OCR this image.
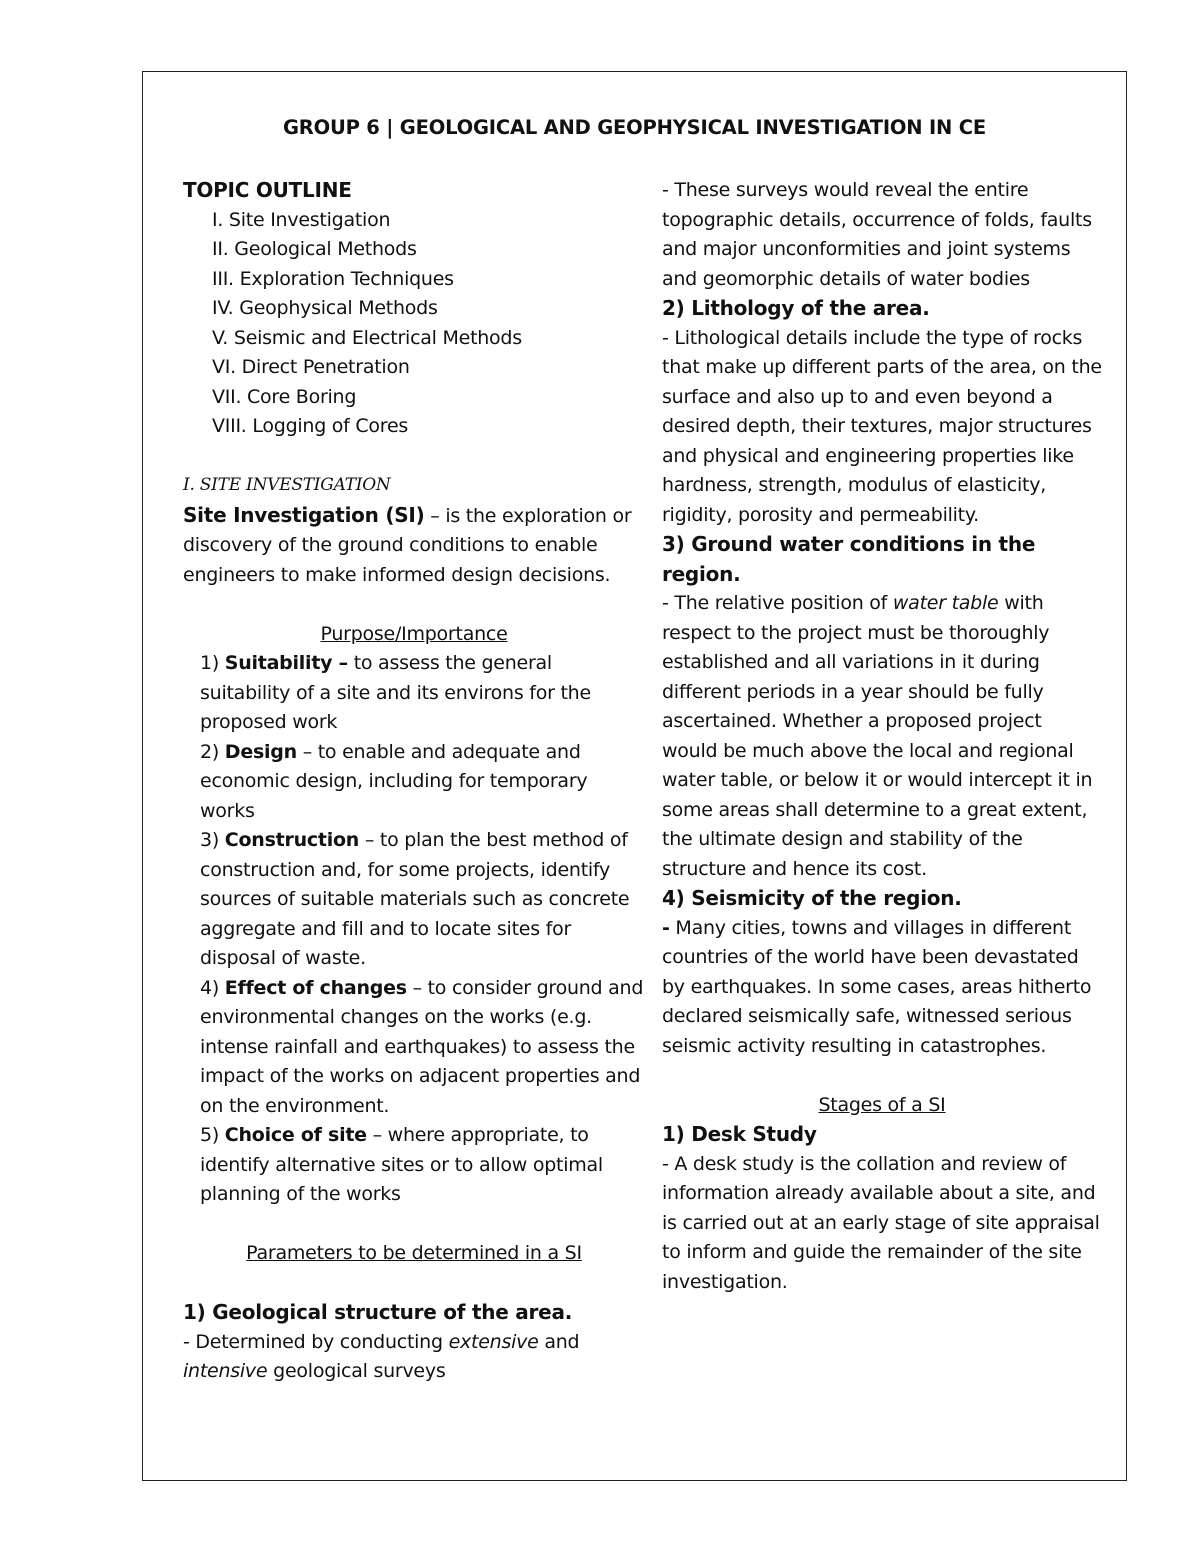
GROUP 6 | GEOLOGICAL AND GEOPHYSICAL INVESTIGATION IN CE

TOPIC OUTLINE

I. Site Investigation

II. Geological Methods

III. Exploration Techniques

IV. Geophysical Methods

V. Seismic and Electrical Methods

VI. Direct Penetration

VII. Core Boring

VIII. Logging of Cores

I. SITE INVESTIGATION

Site Investigation (SI) – is the exploration or discovery of the ground conditions to enable engineers to make informed design decisions.

Purpose/Importance

1) Suitability – to assess the general suitability of a site and its environs for the proposed work

2) Design – to enable and adequate and economic design, including for temporary works

3) Construction – to plan the best method of construction and, for some projects, identify sources of suitable materials such as concrete aggregate and fill and to locate sites for disposal of waste.

4) Effect of changes – to consider ground and environmental changes on the works (e.g. intense rainfall and earthquakes) to assess the impact of the works on adjacent properties and on the environment.

5) Choice of site – where appropriate, to identify alternative sites or to allow optimal planning of the works

Parameters to be determined in a SI

1) Geological structure of the area.

- Determined by conducting extensive and intensive geological surveys

- These surveys would reveal the entire topographic details, occurrence of folds, faults and major unconformities and joint systems and geomorphic details of water bodies

2) Lithology of the area.

- Lithological details include the type of rocks that make up different parts of the area, on the surface and also up to and even beyond a desired depth, their textures, major structures and physical and engineering properties like hardness, strength, modulus of elasticity, rigidity, porosity and permeability.

3) Ground water conditions in the region.

- The relative position of water table with respect to the project must be thoroughly established and all variations in it during different periods in a year should be fully ascertained. Whether a proposed project would be much above the local and regional water table, or below it or would intercept it in some areas shall determine to a great extent, the ultimate design and stability of the structure and hence its cost.

4) Seismicity of the region.

- Many cities, towns and villages in different countries of the world have been devastated by earthquakes. In some cases, areas hitherto declared seismically safe, witnessed serious seismic activity resulting in catastrophes.

Stages of a SI

1) Desk Study

- A desk study is the collation and review of information already available about a site, and is carried out at an early stage of site appraisal to inform and guide the remainder of the site investigation.
